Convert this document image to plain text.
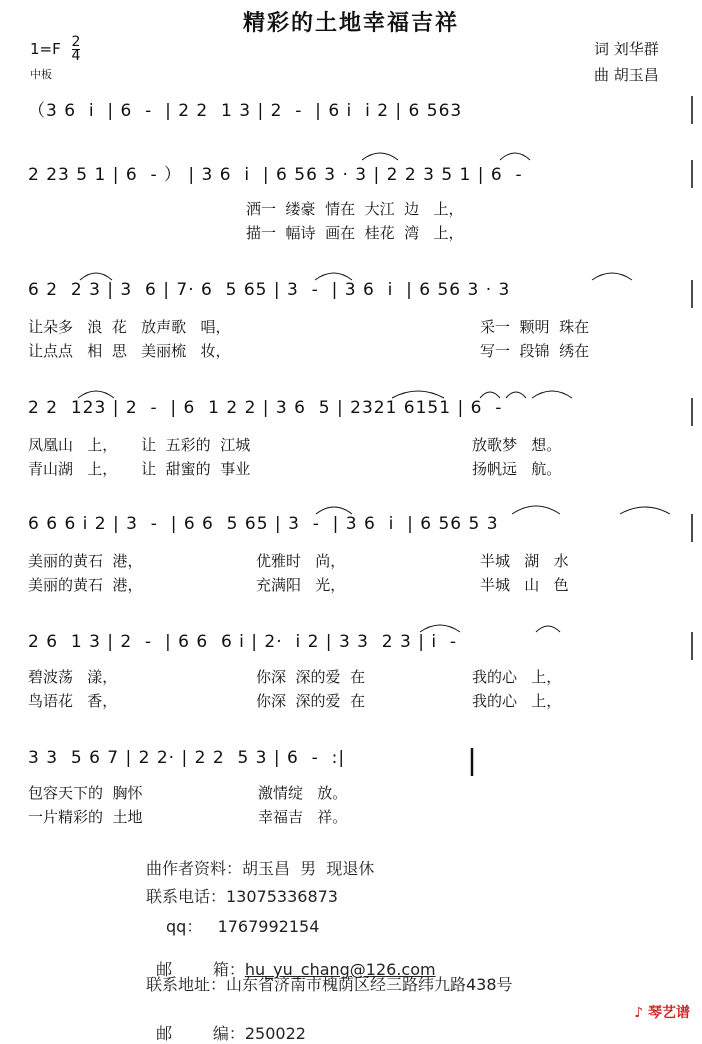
精彩的土地幸福吉祥
$1=F \frac{2}{4}$
中板
词 刘华群
曲 胡玉昌
（3 6  i  | 6  -  | 2 2  1 3 | 2  -  | 6 i  i 2 | 6 563
2 23 5 1 | 6  - ） | 3 6  i  | 6 56 3 · 3 | 2 2 3 5 1 | 6  -
洒一  缕豪  情在  大江  边   上，
描一  幅诗  画在  桂花  湾   上，
6 2  2 3 | 3  6 | 7· 6  5 65 | 3  -  | 3 6  i  | 6 56 3 · 3
让朵多   浪  花   放声歌   唱，	采一  颗明  珠在
让点点   相  思   美丽梳   妆，	写一  段锦  绣在
2 2  123 | 2  -  | 6  1 2 2 | 3 6  5 | 2321 6151 | 6  -
凤凰山   上，     让  五彩的  江城	放歌梦   想。
青山湖   上，     让  甜蜜的  事业	扬帆远   航。
6 6 6 i 2 | 3  -  | 6 6  5 65 | 3  -  | 3 6  i  | 6 56 5 3
美丽的黄石  港，	优雅时   尚，	半城   湖   水
美丽的黄石  港，	充满阳   光，	半城   山   色
2 6  1 3 | 2  -  | 6 6  6 i | 2·  i 2 | 3 3  2 3 | i  -
碧波荡   漾，	你深  深的爱  在	我的心   上，
鸟语花   香，	你深  深的爱  在	我的心   上，
3 3  5 6 7 | 2 2· | 2 2  5 3 | 6  -  :|
包容天下的  胸怀	激情绽   放。
一片精彩的  土地	幸福吉   祥。
曲作者资料：胡玉昌  男  现退休
联系电话：13075336873
qq：   1767992154

邮        箱：hu_yu_chang@126.com

联系地址：山东省济南市槐荫区经三路纬九路438号

邮        编：250022

♪ 琴艺谱
